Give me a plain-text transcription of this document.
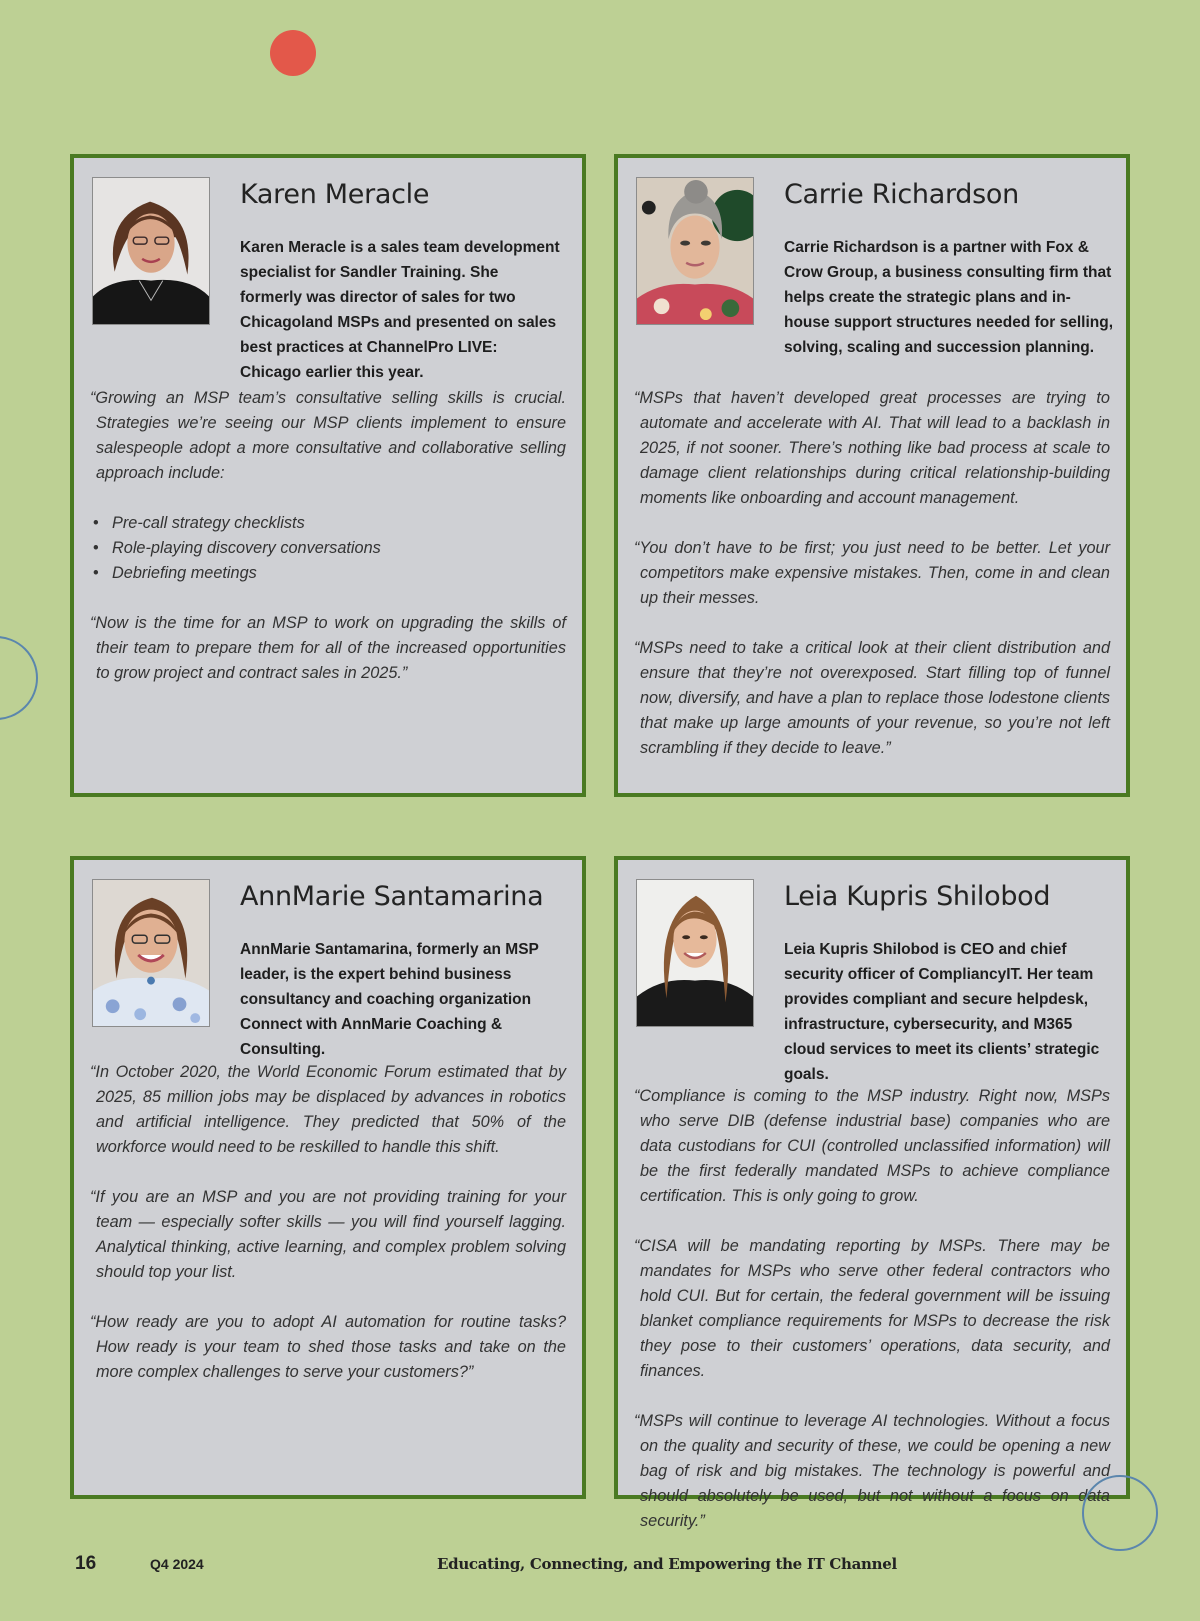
Karen Meracle

Karen Meracle is a sales team development specialist for Sandler Training. She formerly was director of sales for two Chicagoland MSPs and presented on sales best practices at ChannelPro LIVE: Chicago earlier this year.

“Growing an MSP team’s consultative selling skills is crucial. Strategies we’re seeing our MSP clients implement to ensure salespeople adopt a more consultative and collaborative selling approach include:

• Pre-call strategy checklists
• Role-playing discovery conversations
• Debriefing meetings

“Now is the time for an MSP to work on upgrading the skills of their team to prepare them for all of the increased opportunities to grow project and contract sales in 2025.”

Carrie Richardson

Carrie Richardson is a partner with Fox & Crow Group, a business consulting firm that helps create the strategic plans and in-house support structures needed for selling, solving, scaling and succession planning.

“MSPs that haven’t developed great processes are trying to automate and accelerate with AI. That will lead to a backlash in 2025, if not sooner. There’s nothing like bad process at scale to damage client relationships during critical relationship-building moments like onboarding and account management.

“You don’t have to be first; you just need to be better. Let your competitors make expensive mistakes. Then, come in and clean up their messes.

“MSPs need to take a critical look at their client distribution and ensure that they’re not overexposed. Start filling top of funnel now, diversify, and have a plan to replace those lodestone clients that make up large amounts of your revenue, so you’re not left scrambling if they decide to leave.”

AnnMarie Santamarina

AnnMarie Santamarina, formerly an MSP leader, is the expert behind business consultancy and coaching organization Connect with AnnMarie Coaching & Consulting.

“In October 2020, the World Economic Forum estimated that by 2025, 85 million jobs may be displaced by advances in robotics and artificial intelligence. They predicted that 50% of the workforce would need to be reskilled to handle this shift.

“If you are an MSP and you are not providing training for your team — especially softer skills — you will find yourself lagging. Analytical thinking, active learning, and complex problem solving should top your list.

“How ready are you to adopt AI automation for routine tasks? How ready is your team to shed those tasks and take on the more complex challenges to serve your customers?”

Leia Kupris Shilobod

Leia Kupris Shilobod is CEO and chief security officer of CompliancyIT. Her team provides compliant and secure helpdesk, infrastructure, cybersecurity, and M365 cloud services to meet its clients’ strategic goals.

“Compliance is coming to the MSP industry. Right now, MSPs who serve DIB (defense industrial base) companies who are data custodians for CUI (controlled unclassified information) will be the first federally mandated MSPs to achieve compliance certification. This is only going to grow.

“CISA will be mandating reporting by MSPs. There may be mandates for MSPs who serve other federal contractors who hold CUI. But for certain, the federal government will be issuing blanket compliance requirements for MSPs to decrease the risk they pose to their customers’ operations, data security, and finances.

“MSPs will continue to leverage AI technologies. Without a focus on the quality and security of these, we could be opening a new bag of risk and big mistakes. The technology is powerful and should absolutely be used, but not without a focus on data security.”

16	Q4 2024	Educating, Connecting, and Empowering the IT Channel
